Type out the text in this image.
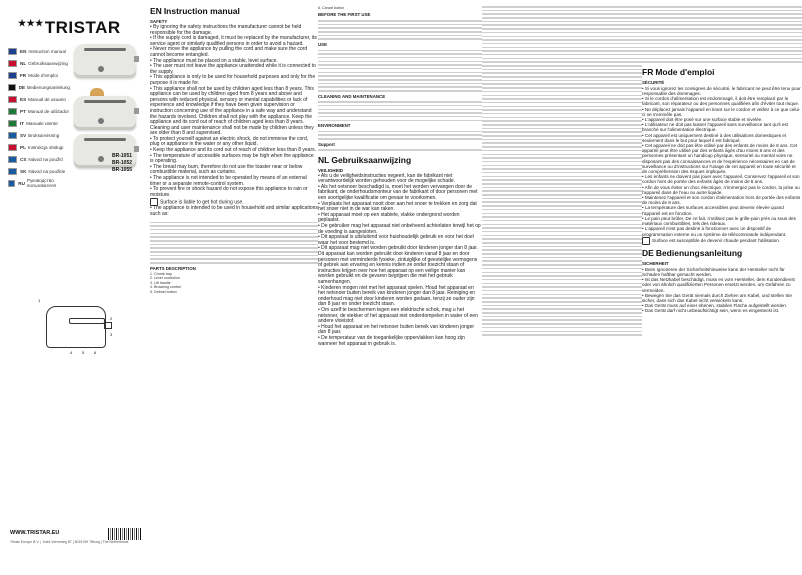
★★★TRISTAR
EN Instruction manual
NL Gebruiksaanwijzing
FR Mode d'emploi
DE Bedienungsanleitung
ES Manual de usuario
PT Manual de utilizador
IT Manuale utente
SV Bruksanvisning
PL Instrukcja obsługi
CS Návod na použití
SK Návod na použitie
RU Руководство пользователя
BR-1051
BR-1052
BR-1055
1
2
3
4 5 6
WWW.TRISTAR.EU
Tristar Europe B.V. | Jules Verneweg 87 | 5015 BH Tilburg | The Netherlands
EN Instruction manual
SAFETY

• By ignoring the safety instructions the manufacturer cannot be held responsible for the damage.

• If the supply cord is damaged, it must be replaced by the manufacturer, its service agent or similarly qualified persons in order to avoid a hazard.

• Never move the appliance by pulling the cord and make sure the cord cannot become entangled.

• The appliance must be placed on a stable, level surface.

• The user must not leave the appliance unattended while it is connected to the supply.

• This appliance is only to be used for household purposes and only for the purpose it is made for.

• This appliance shall not be used by children aged less than 8 years. This appliance can be used by children aged from 8 years and above and persons with reduced physical, sensory or mental capabilities or lack of experience and knowledge if they have been given supervision or instruction concerning use of the appliance in a safe way and understand the hazards involved. Children shall not play with the appliance. Keep the appliance and its cord out of reach of children aged less than 8 years. Cleaning and user maintenance shall not be made by children unless they are older than 8 and supervised.

• To protect yourself against an electric shock, do not immerse the cord, plug or appliance in the water or any other liquid.

• Keep the appliance and its cord out of reach of children less than 8 years.

• The temperature of accessible surfaces may be high when the appliance is operating.

• The bread may burn, therefore do not use the toaster near or below combustible material, such as curtains.

• The appliance is not intended to be operated by means of an external timer or a separate remote-control system.

• To prevent fire or shock hazard do not expose this appliance to rain or moisture.

Surface is liable to get hot during use.

• The appliance is intended to be used in household and similar applications such as:

PARTS DESCRIPTION

1. Crumb tray

2. Lever control/on

3. Lift handle

4. Browning control

5. Defrost button

6. Cancel button

BEFORE THE FIRST USE
USE
CLEANING AND MAINTENANCE
ENVIRONMENT
Support
NL Gebruiksaanwijzing
VEILIGHEID

• Als u de veiligheidsinstructies negeert, kan de fabrikant niet verantwoordelijk worden gehouden voor de mogelijke schade.

• Als het netsnoer beschadigd is, moet het worden vervangen door de fabrikant, de onderhoudsmonteur van de fabrikant of door personen met een soortgelijke kwalificatie om gevaar te voorkomen.

• Verplaats het apparaat nooit door aan het snoer te trekken en zorg dat het snoer niet in de war kan raken.

• Het apparaat moet op een stabiele, vlakke ondergrond worden geplaatst.

• De gebruiker mag het apparaat niet onbeheerd achterlaten terwijl het op de voeding is aangesloten.

• Dit apparaat is uitsluitend voor huishoudelijk gebruik en voor het doel waar het voor bestemd is.

• Dit apparaat mag niet worden gebruikt door kinderen jonger dan 8 jaar. Dit apparaat kan worden gebruikt door kinderen vanaf 8 jaar en door personen met verminderde fysieke, zintuiglijke of geestelijke vermogens of gebrek aan ervaring en kennis indien ze onder toezicht staan of instructies krijgen over hoe het apparaat op een veilige manier kan worden gebruikt en de gevaren begrijpen die met het gebruik samenhangen.

• Kinderen mogen niet met het apparaat spelen. Houd het apparaat en het netsnoer buiten bereik van kinderen jonger dan 8 jaar. Reiniging en onderhoud mag niet door kinderen worden gedaan, tenzij ze ouder zijn dan 8 jaar en onder toezicht staan.

• Om uzelf te beschermen tegen een elektrische schok, mag u het netsnoer, de stekker of het apparaat niet onderdompelen in water of een andere vloeistof.

• Houd het apparaat en het netsnoer buiten bereik van kinderen jonger dan 8 jaar.

• De temperatuur van de toegankelijke oppervlakken kan hoog zijn wanneer het apparaat in gebruik is.

FR Mode d'emploi
SÉCURITÉ

• Si vous ignorez les consignes de sécurité, le fabricant ne peut être tenu pour responsable des dommages.

• Si le cordon d'alimentation est endommagé, il doit être remplacé par le fabricant, son réparateur ou des personnes qualifiées afin d'éviter tout risque.

• Ne déplacez jamais l'appareil en tirant sur le cordon et veillez à ce que celui-ci ne s'emmêle pas.

• L'appareil doit être posé sur une surface stable et nivelée.

• L'utilisateur ne doit pas laisser l'appareil sans surveillance tant qu'il est branché sur l'alimentation électrique.

• Cet appareil est uniquement destiné à des utilisations domestiques et seulement dans le but pour lequel il est fabriqué.

• Cet appareil ne doit pas être utilisé par des enfants de moins de 8 ans. Cet appareil peut être utilisé par des enfants âgés d'au moins 8 ans et des personnes présentant un handicap physique, sensoriel ou mental voire ne disposant pas des connaissances et de l'expérience nécessaires en cas de surveillance ou d'instructions sur l'usage de cet appareil en toute sécurité et de compréhension des risques impliqués.

• Les enfants ne doivent pas jouer avec l'appareil. Conservez l'appareil et son cordon hors de portée des enfants âgés de moins de 8 ans.

• Afin de vous éviter un choc électrique, n'immergez pas le cordon, la prise ou l'appareil dans de l'eau ou autre liquide.

• Maintenez l'appareil et son cordon d'alimentation hors de portée des enfants de moins de 8 ans.

• La température des surfaces accessibles peut devenir élevée quand l'appareil est en fonction.

• Le pain peut brûler. De ce fait, n'utilisez pas le grille-pain près ou sous des matériaux combustibles, tels des rideaux.

• L'appareil n'est pas destiné à fonctionner avec un dispositif de programmation externe ou un système de télécommande indépendant.

Surface est susceptible de devenir chaude pendant l'utilisation.

DE Bedienungsanleitung
SICHERHEIT

• Beim Ignorieren der Sicherheitshinweise kann der Hersteller nicht für Schäden haftbar gemacht werden.

• Ist das Netzkabel beschädigt, muss es vom Hersteller, dem Kundendienst oder von ähnlich qualifizierten Personen ersetzt werden, um Gefahren zu vermeiden.

• Bewegen Sie das Gerät niemals durch Ziehen am Kabel, und stellen Sie sicher, dass sich das Kabel nicht verwickeln kann.

• Das Gerät muss auf einer ebenen, stabilen Fläche aufgestellt werden.

• Das Gerät darf nicht unbeaufsichtigt sein, wenn es eingesteckt ist.
